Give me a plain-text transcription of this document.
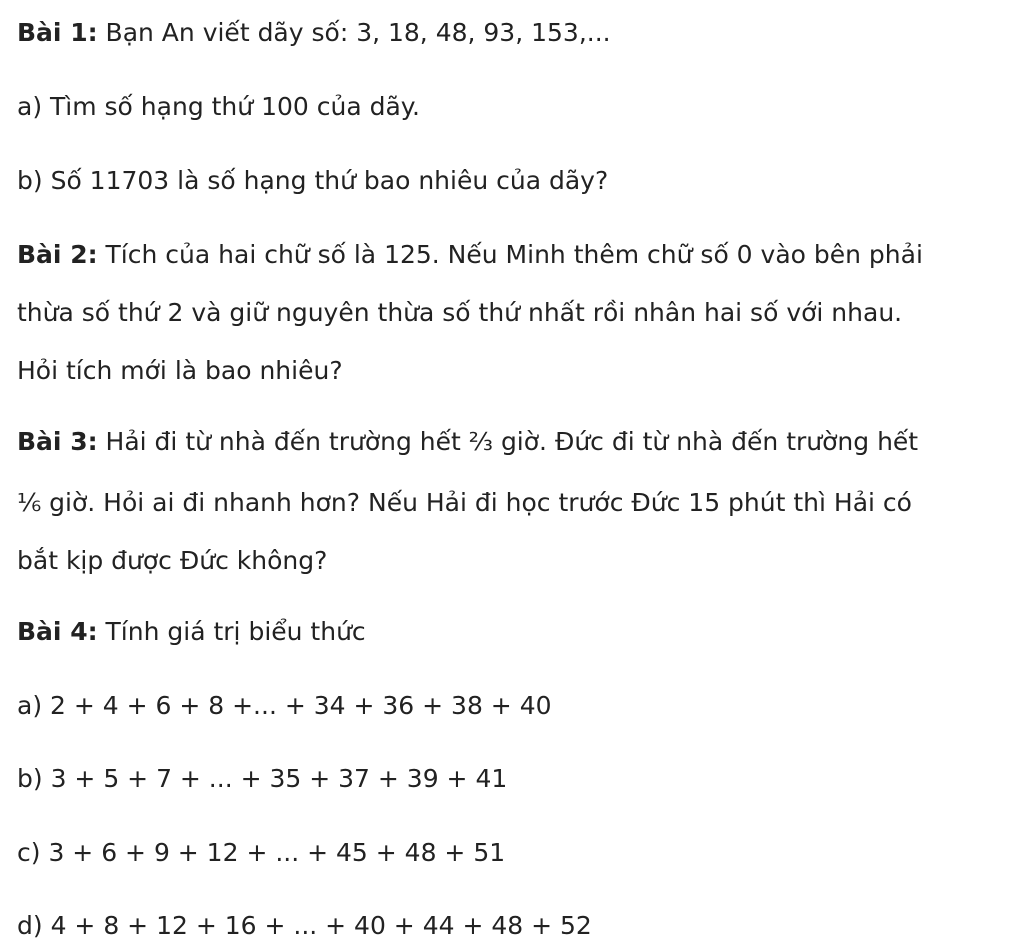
Bài 1: Bạn An viết dãy số: 3, 18, 48, 93, 153,...
a) Tìm số hạng thứ 100 của dãy.
b) Số 11703 là số hạng thứ bao nhiêu của dãy?
Bài 2: Tích của hai chữ số là 125. Nếu Minh thêm chữ số 0 vào bên phải
thừa số thứ 2 và giữ nguyên thừa số thứ nhất rồi nhân hai số với nhau.
Hỏi tích mới là bao nhiêu?
Bài 3: Hải đi từ nhà đến trường hết ⅔ giờ. Đức đi từ nhà đến trường hết
⅙ giờ. Hỏi ai đi nhanh hơn? Nếu Hải đi học trước Đức 15 phút thì Hải có
bắt kịp được Đức không?
Bài 4: Tính giá trị biểu thức
a) 2 + 4 + 6 + 8 +... + 34 + 36 + 38 + 40
b) 3 + 5 + 7 + ... + 35 + 37 + 39 + 41
c) 3 + 6 + 9 + 12 + ... + 45 + 48 + 51
d) 4 + 8 + 12 + 16 + ... + 40 + 44 + 48 + 52
